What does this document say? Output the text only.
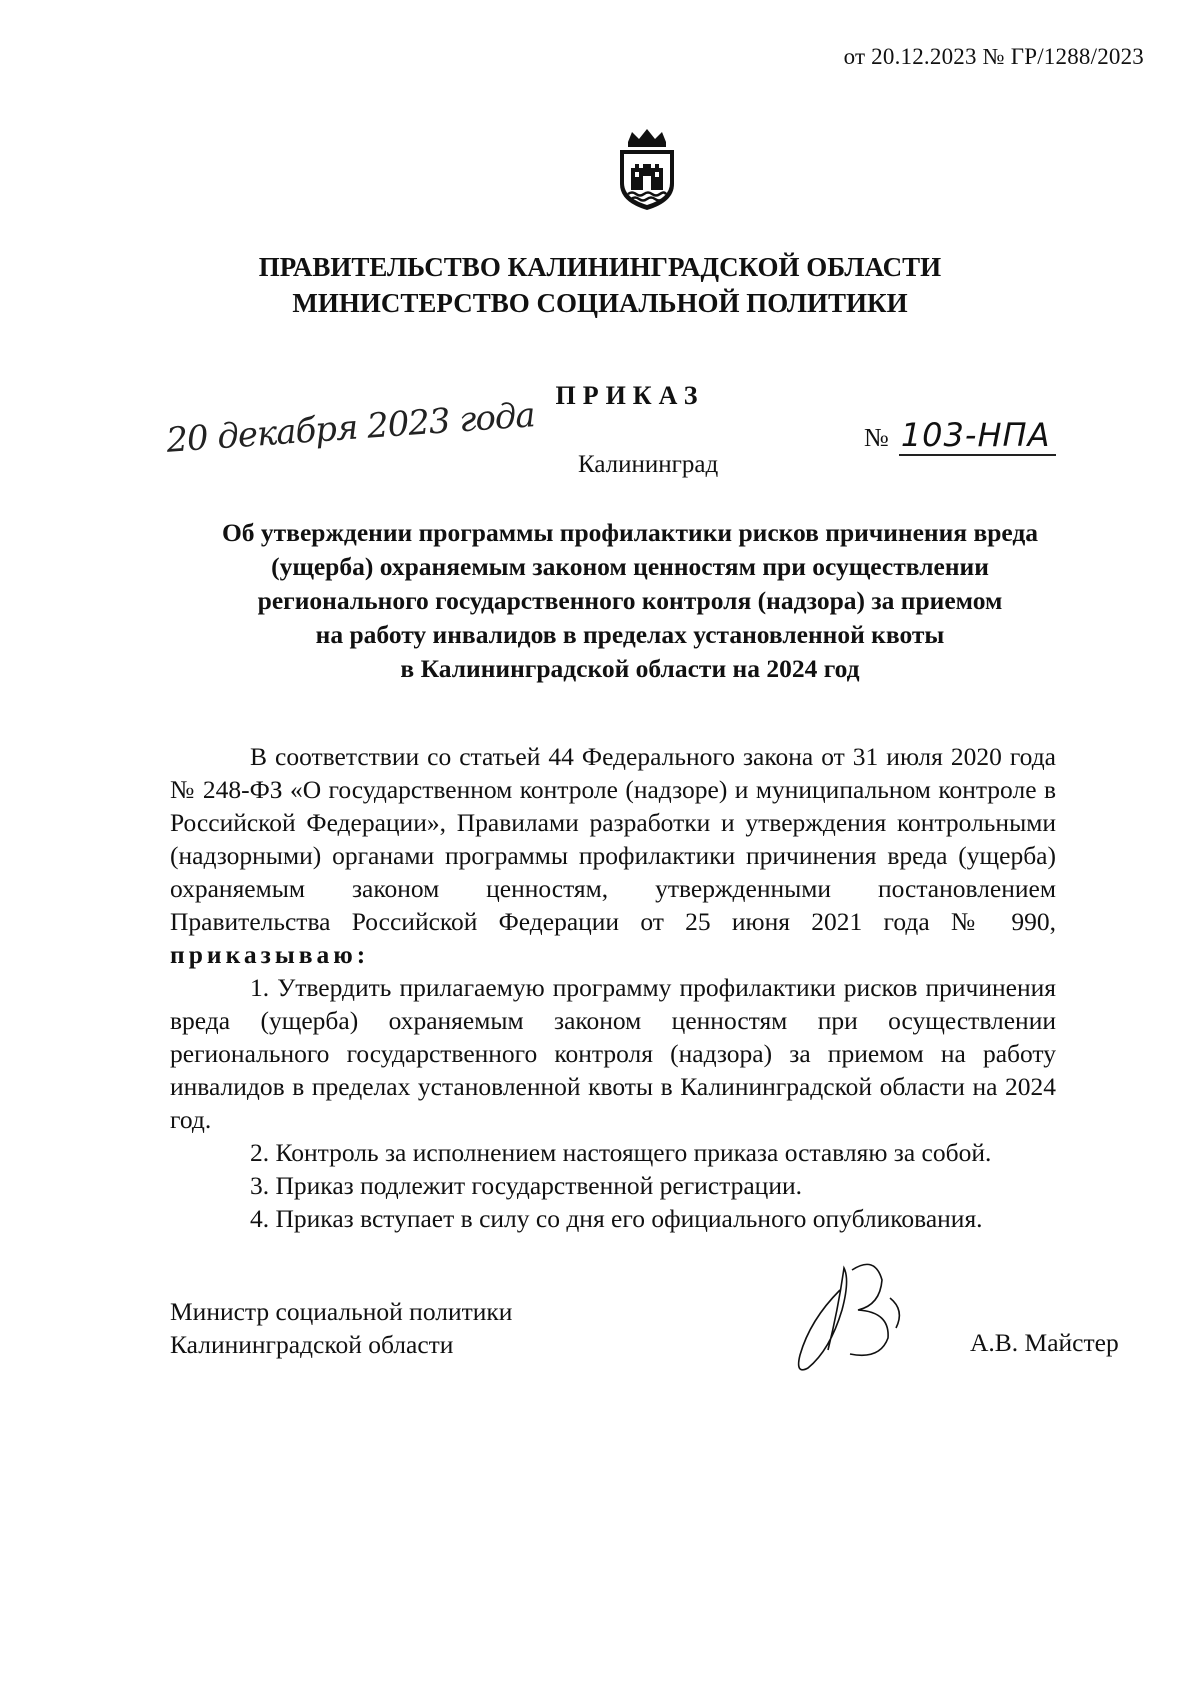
от 20.12.2023 № ГР/1288/2023
ПРАВИТЕЛЬСТВО КАЛИНИНГРАДСКОЙ ОБЛАСТИ
МИНИСТЕРСТВО СОЦИАЛЬНОЙ ПОЛИТИКИ
ПРИКАЗ
20 декабря 2023 года	№ 103-НПА
Калининград
Об утверждении программы профилактики рисков причинения вреда
(ущерба) охраняемым законом ценностям при осуществлении
регионального государственного контроля (надзора) за приемом
на работу инвалидов в пределах установленной квоты
в Калининградской области на 2024 год

В соответствии со статьей 44 Федерального закона от 31 июля 2020 года № 248-ФЗ «О государственном контроле (надзоре) и муниципальном контроле в Российской Федерации», Правилами разработки и утверждения контрольными (надзорными) органами программы профилактики причинения вреда (ущерба) охраняемым законом ценностям, утвержденными постановлением Правительства Российской Федерации от 25 июня 2021 года № 990, приказываю:

1. Утвердить прилагаемую программу профилактики рисков причинения вреда (ущерба) охраняемым законом ценностям при осуществлении регионального государственного контроля (надзора) за приемом на работу инвалидов в пределах установленной квоты в Калининградской области на 2024 год.

2. Контроль за исполнением настоящего приказа оставляю за собой.

3. Приказ подлежит государственной регистрации.

4. Приказ вступает в силу со дня его официального опубликования.

Министр социальной политики
Калининградской области	А.В. Майстер
